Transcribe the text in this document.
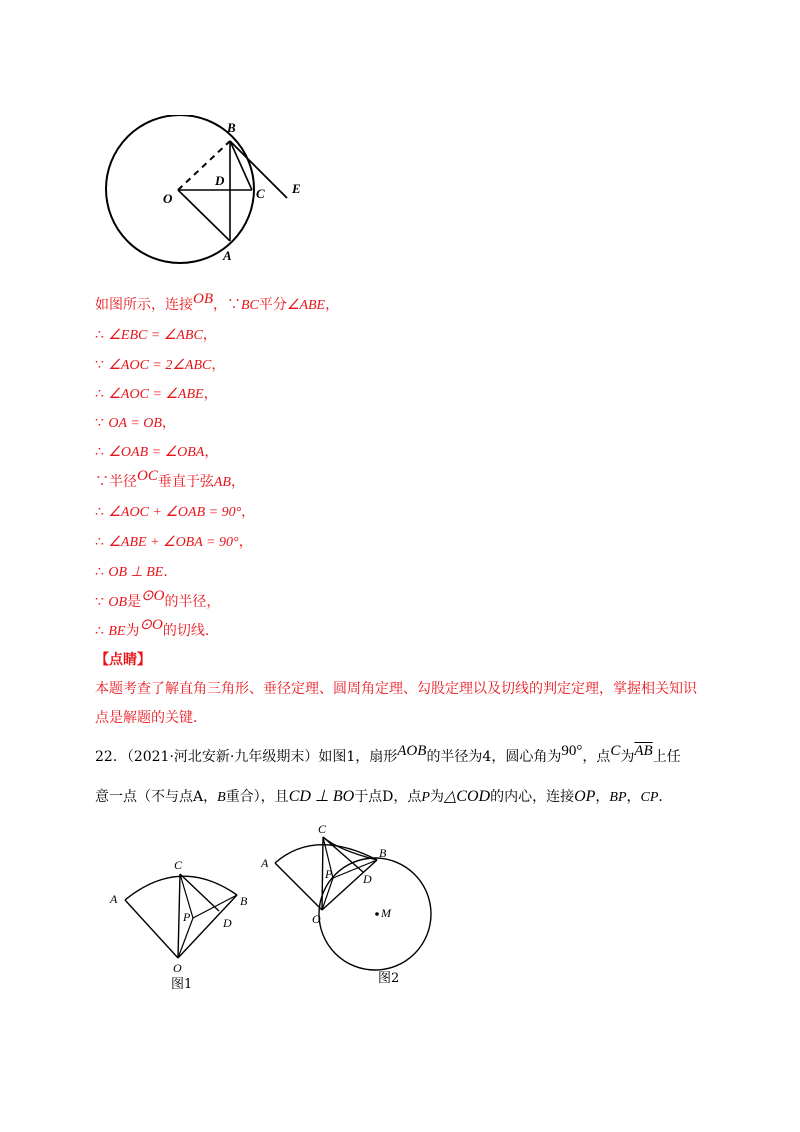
B
O
D
C E
A
如图所示，连接OB，∵BC平分∠ABE，
∴ ∠EBC = ∠ABC，
∵ ∠AOC = 2∠ABC，
∴ ∠AOC = ∠ABE，
∵ OA = OB，
∴ ∠OAB = ∠OBA，
∵半径OC垂直于弦AB，
∴ ∠AOC + ∠OAB = 90°，
∴ ∠ABE + ∠OBA = 90°，
∴ OB ⊥ BE．
∵ OB是⊙O的半径，
∴ BE为⊙O的切线．
【点睛】
本题考查了解直角三角形、垂径定理、圆周角定理、勾股定理以及切线的判定定理，掌握相关知识
点是解题的关键．
22．（2021·河北安新·九年级期末）如图1，扇形AOB的半径为4，圆心角为90°，点C为$\overline{AB}$上任
意一点（不与点A，B重合），且CD ⊥ BO于点D，点P为△COD的内心，连接OP，BP，CP．
C
A	B
P	D
O
图1
C
A
B
P	D
O	M
图2
